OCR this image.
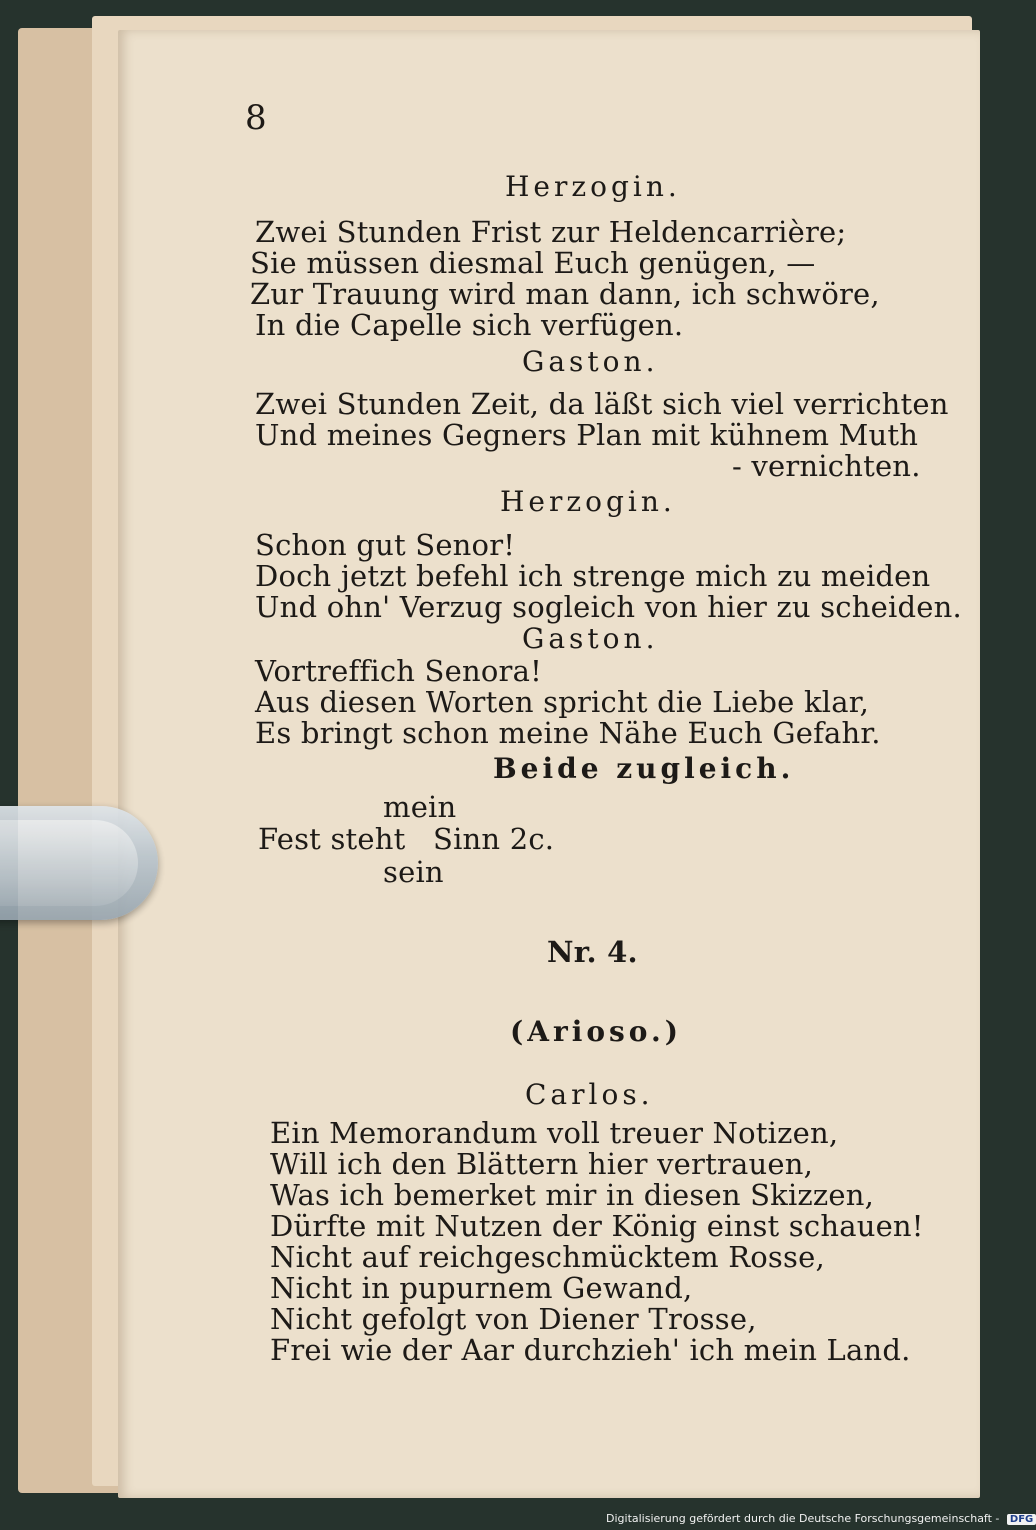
8
Herzogin.
Zwei Stunden Frist zur Heldencarrière;
Sie müssen diesmal Euch genügen, —
Zur Trauung wird man dann, ich schwöre,
In die Capelle sich verfügen.
Gaston.
Zwei Stunden Zeit, da läßt sich viel verrichten
Und meines Gegners Plan mit kühnem Muth
- vernichten.
Herzogin.
Schon gut Senor!
Doch jetzt befehl ich strenge mich zu meiden
Und ohn' Verzug sogleich von hier zu scheiden.
Gaston.
Vortreffich Senora!
Aus diesen Worten spricht die Liebe klar,
Es bringt schon meine Nähe Euch Gefahr.
Beide zugleich.
mein
Fest steht Sinn 2c.
sein
Nr. 4.
(Arioso.)
Carlos.
Ein Memorandum voll treuer Notizen,
Will ich den Blättern hier vertrauen,
Was ich bemerket mir in diesen Skizzen,
Dürfte mit Nutzen der König einst schauen!
Nicht auf reichgeschmücktem Rosse,
Nicht in pupurnem Gewand,
Nicht gefolgt von Diener Trosse,
Frei wie der Aar durchzieh' ich mein Land.
Digitalisierung gefördert durch die Deutsche Forschungsgemeinschaft - DFG
